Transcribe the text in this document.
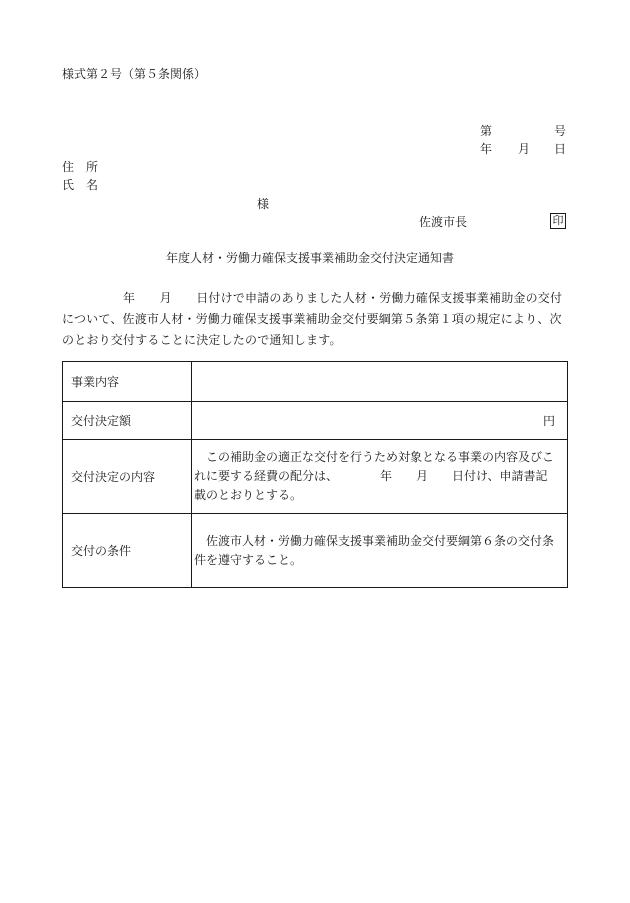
様式第２号（第５条関係）
第	号
年 月 日
住　所
氏　名
様
佐渡市長	印
年度人材・労働力確保支援事業補助金交付決定通知書

　　　　　年　　月　　日付けで申請のありました人材・労働力確保支援事業補助金の交付

について、佐渡市人材・労働力確保支援事業補助金交付要綱第５条第１項の規定により、次

のとおり交付することに決定したので通知します。

事業内容	
交付決定額	円
交付決定の内容	　この補助金の適正な交付を行うため対象となる事業の内容及びこ
れに要する経費の配分は、　　　　年　　月　　日付け、申請書記
載のとおりとする。
交付の条件	　佐渡市人材・労働力確保支援事業補助金交付要綱第６条の交付条
件を遵守すること。
